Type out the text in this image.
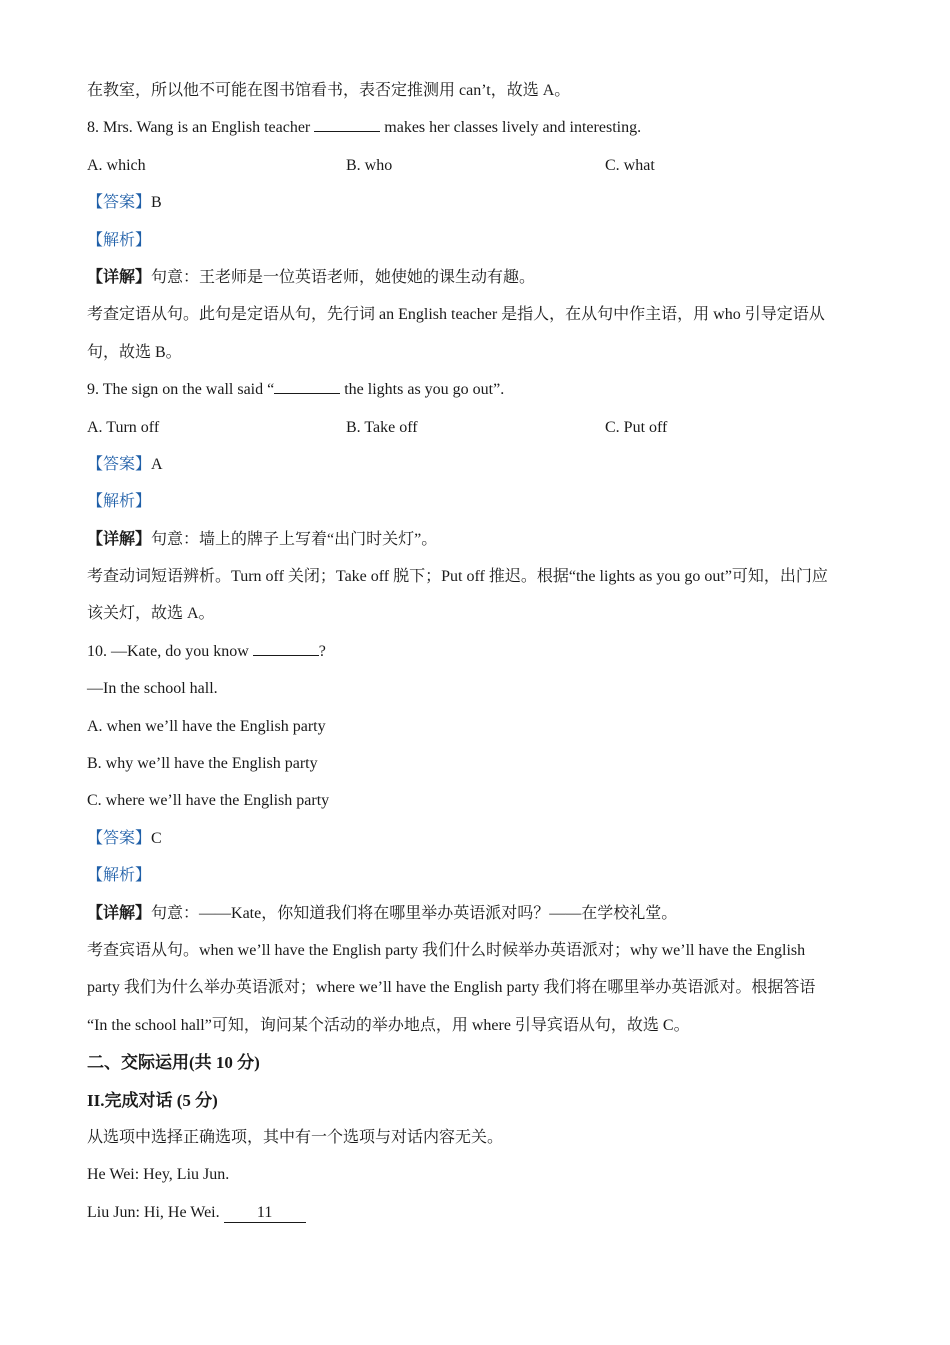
在教室，所以他不可能在图书馆看书，表否定推测用 can’t，故选 A。
8. Mrs. Wang is an English teacher	makes her classes lively and interesting.
A. which	B. who	C. what
【答案】B
【解析】
【详解】句意：王老师是一位英语老师，她使她的课生动有趣。
考查定语从句。此句是定语从句，先行词 an English teacher 是指人，在从句中作主语，用 who 引导定语从
句，故选 B。
9. The sign on the wall said “	the lights as you go out”.
A. Turn off	B. Take off	C. Put off
【答案】A
【解析】
【详解】句意：墙上的牌子上写着“出门时关灯”。
考查动词短语辨析。Turn off 关闭；Take off 脱下；Put off 推迟。根据“the lights as you go out”可知，出门应
该关灯，故选 A。
10. —Kate, do you know	?
—In the school hall.
A. when we’ll have the English party
B. why we’ll have the English party
C. where we’ll have the English party
【答案】C
【解析】
【详解】句意：——Kate，你知道我们将在哪里举办英语派对吗？——在学校礼堂。
考查宾语从句。when we’ll have the English party 我们什么时候举办英语派对；why we’ll have the English
party 我们为什么举办英语派对；where we’ll have the English party 我们将在哪里举办英语派对。根据答语
“In the school hall”可知，询问某个活动的举办地点，用 where 引导宾语从句，故选 C。
二、交际运用(共 10 分)
II.完成对话 (5 分)
从选项中选择正确选项，其中有一个选项与对话内容无关。
He Wei: Hey, Liu Jun.
Liu Jun: Hi, He Wei. 11
